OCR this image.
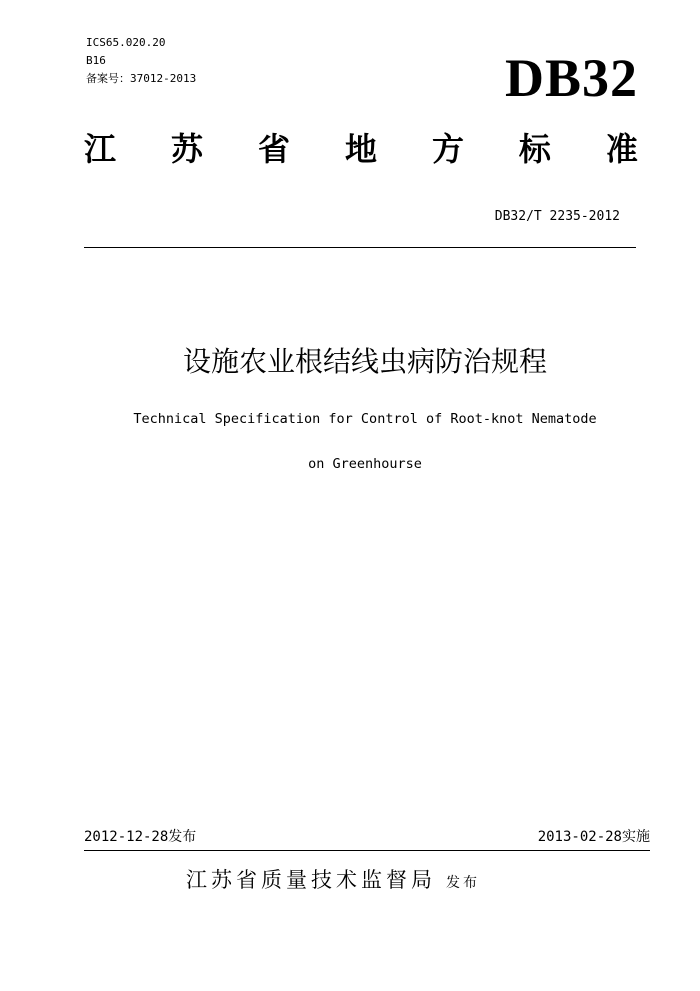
ICS65.020.20
B16
备案号：37012-2013	DB32
江 苏 省 地 方 标 准
DB32/T 2235-2012
设施农业根结线虫病防治规程
Technical Specification for Control of Root-knot Nematode
on Greenhourse
2012-12-28发布	2013-02-28实施
江苏省质量技术监督局 发布
